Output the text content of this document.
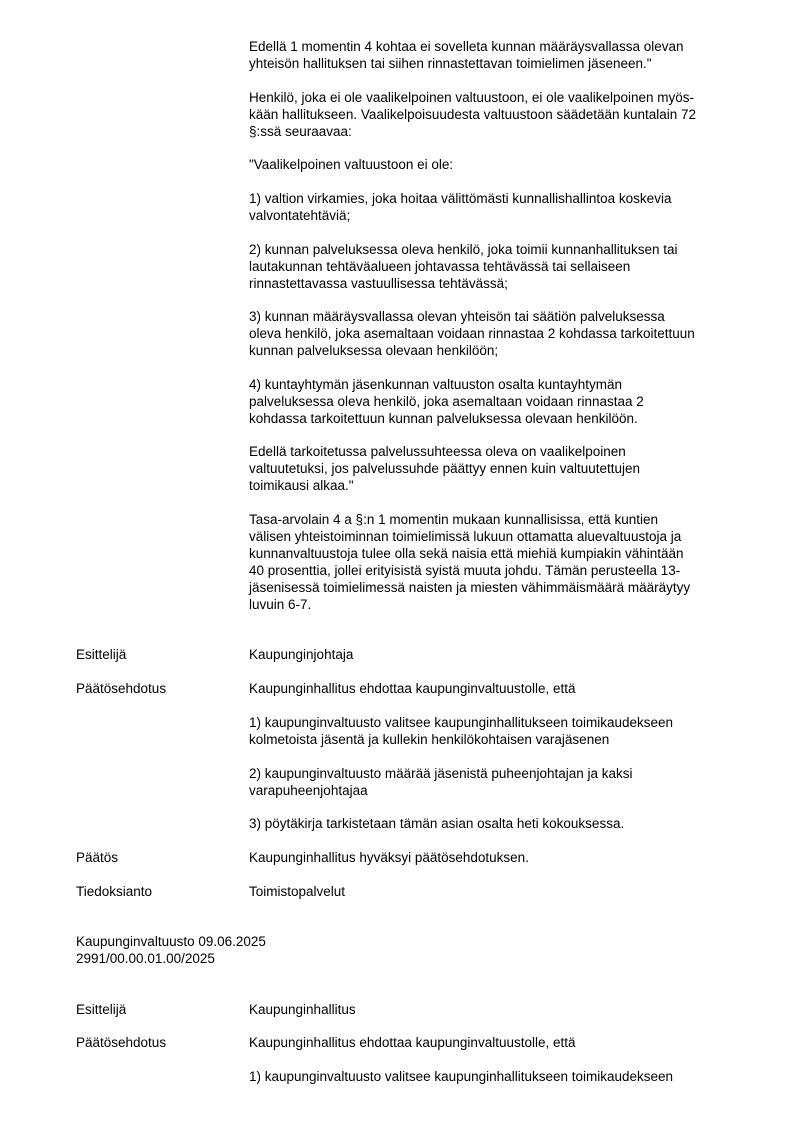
Edellä 1 momentin 4 kohtaa ei sovelleta kunnan määräysvallassa olevan
yhteisön hallituksen tai siihen rinnastettavan toimielimen jäseneen."

Henkilö, joka ei ole vaalikelpoinen valtuustoon, ei ole vaalikelpoinen myös-
kään hallitukseen. Vaalikelpoisuudesta valtuustoon säädetään kuntalain 72
§:ssä seuraavaa:

"Vaalikelpoinen valtuustoon ei ole:

1) valtion virkamies, joka hoitaa välittömästi kunnallishallintoa koskevia
valvontatehtäviä;

2) kunnan palveluksessa oleva henkilö, joka toimii kunnanhallituksen tai
lautakunnan tehtäväalueen johtavassa tehtävässä tai sellaiseen
rinnastettavassa vastuullisessa tehtävässä;

3) kunnan määräysvallassa olevan yhteisön tai säätiön palveluksessa
oleva henkilö, joka asemaltaan voidaan rinnastaa 2 kohdassa tarkoitettuun
kunnan palveluksessa olevaan henkilöön;

4) kuntayhtymän jäsenkunnan valtuuston osalta kuntayhtymän
palveluksessa oleva henkilö, joka asemaltaan voidaan rinnastaa 2
kohdassa tarkoitettuun kunnan palveluksessa olevaan henkilöön.

Edellä tarkoitetussa palvelussuhteessa oleva on vaalikelpoinen
valtuutetuksi, jos palvelussuhde päättyy ennen kuin valtuutettujen
toimikausi alkaa."

Tasa-arvolain 4 a §:n 1 momentin mukaan kunnallisissa, että kuntien
välisen yhteistoiminnan toimielimissä lukuun ottamatta aluevaltuustoja ja
kunnanvaltuustoja tulee olla sekä naisia että miehiä kumpiakin vähintään
40 prosenttia, jollei erityisistä syistä muuta johdu. Tämän perusteella 13-
jäsenisessä toimielimessä naisten ja miesten vähimmäismäärä määräytyy
luvuin 6-7.

Esittelijä	Kaupunginjohtaja
Päätösehdotus	Kaupunginhallitus ehdottaa kaupunginvaltuustolle, että

1) kaupunginvaltuusto valitsee kaupunginhallitukseen toimikaudekseen
kolmetoista jäsentä ja kullekin henkilökohtaisen varajäsenen

2) kaupunginvaltuusto määrää jäsenistä puheenjohtajan ja kaksi
varapuheenjohtajaa

3) pöytäkirja tarkistetaan tämän asian osalta heti kokouksessa.

Päätös	Kaupunginhallitus hyväksyi päätösehdotuksen.
Tiedoksianto	Toimistopalvelut
Kaupunginvaltuusto 09.06.2025
2991/00.00.01.00/2025
Esittelijä	Kaupunginhallitus
Päätösehdotus	Kaupunginhallitus ehdottaa kaupunginvaltuustolle, että

1) kaupunginvaltuusto valitsee kaupunginhallitukseen toimikaudekseen
